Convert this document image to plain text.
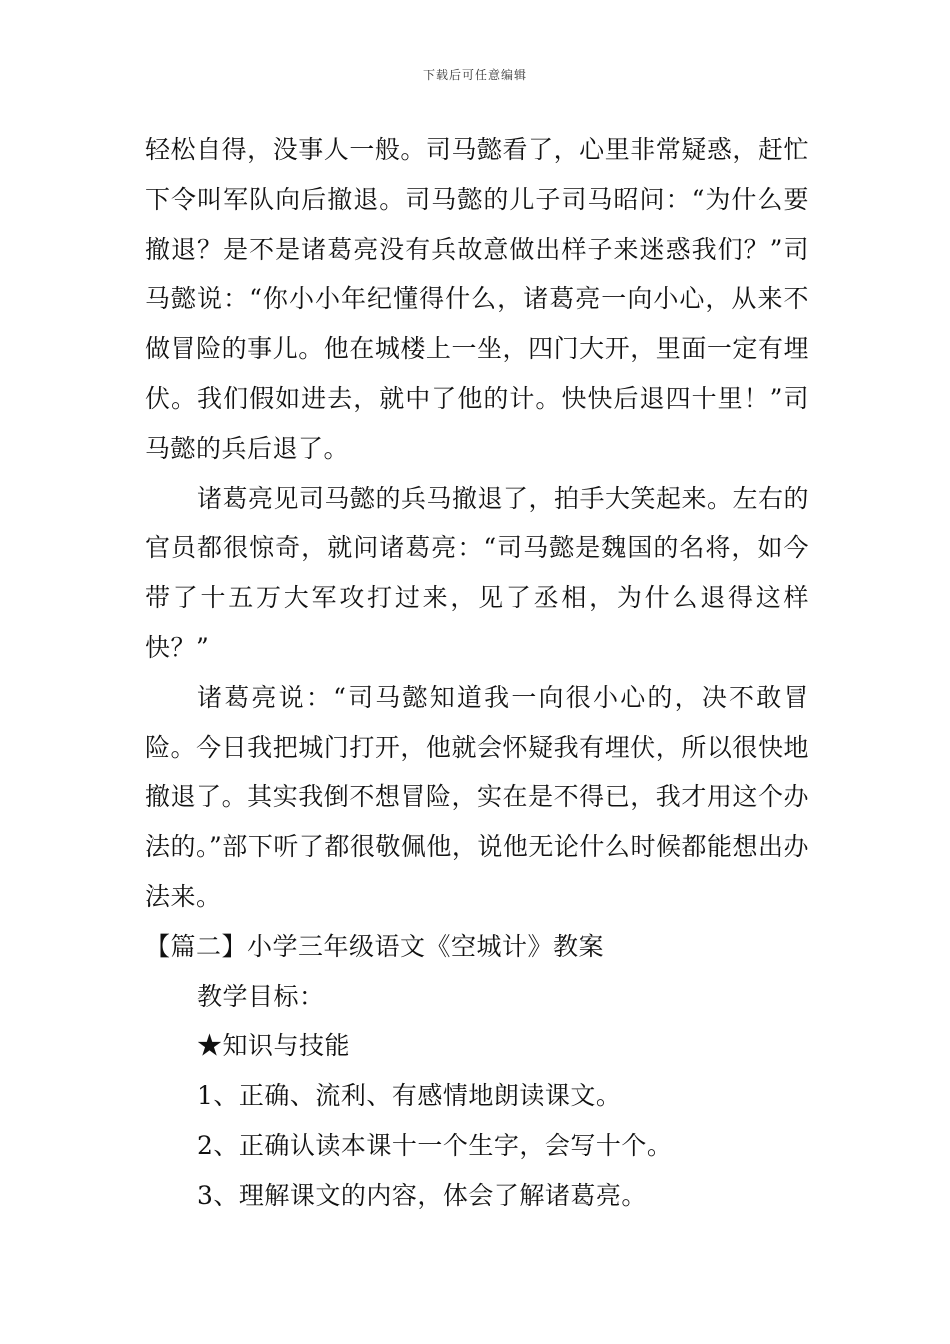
下载后可任意编辑

轻松自得，没事人一般。司马懿看了，心里非常疑惑，赶忙下令叫军队向后撤退。司马懿的儿子司马昭问：“为什么要撤退？是不是诸葛亮没有兵故意做出样子来迷惑我们？”司马懿说：“你小小年纪懂得什么，诸葛亮一向小心，从来不做冒险的事儿。他在城楼上一坐，四门大开，里面一定有埋伏。我们假如进去，就中了他的计。快快后退四十里！”司马懿的兵后退了。

诸葛亮见司马懿的兵马撤退了，拍手大笑起来。左右的官员都很惊奇，就问诸葛亮：“司马懿是魏国的名将，如今带了十五万大军攻打过来，见了丞相，为什么退得这样快？”

诸葛亮说：“司马懿知道我一向很小心的，决不敢冒险。今日我把城门打开，他就会怀疑我有埋伏，所以很快地撤退了。其实我倒不想冒险，实在是不得已，我才用这个办法的。”部下听了都很敬佩他，说他无论什么时候都能想出办法来。

【篇二】小学三年级语文《空城计》教案

教学目标：

★知识与技能

1、正确、流利、有感情地朗读课文。

2、正确认读本课十一个生字，会写十个。

3、理解课文的内容，体会了解诸葛亮。
